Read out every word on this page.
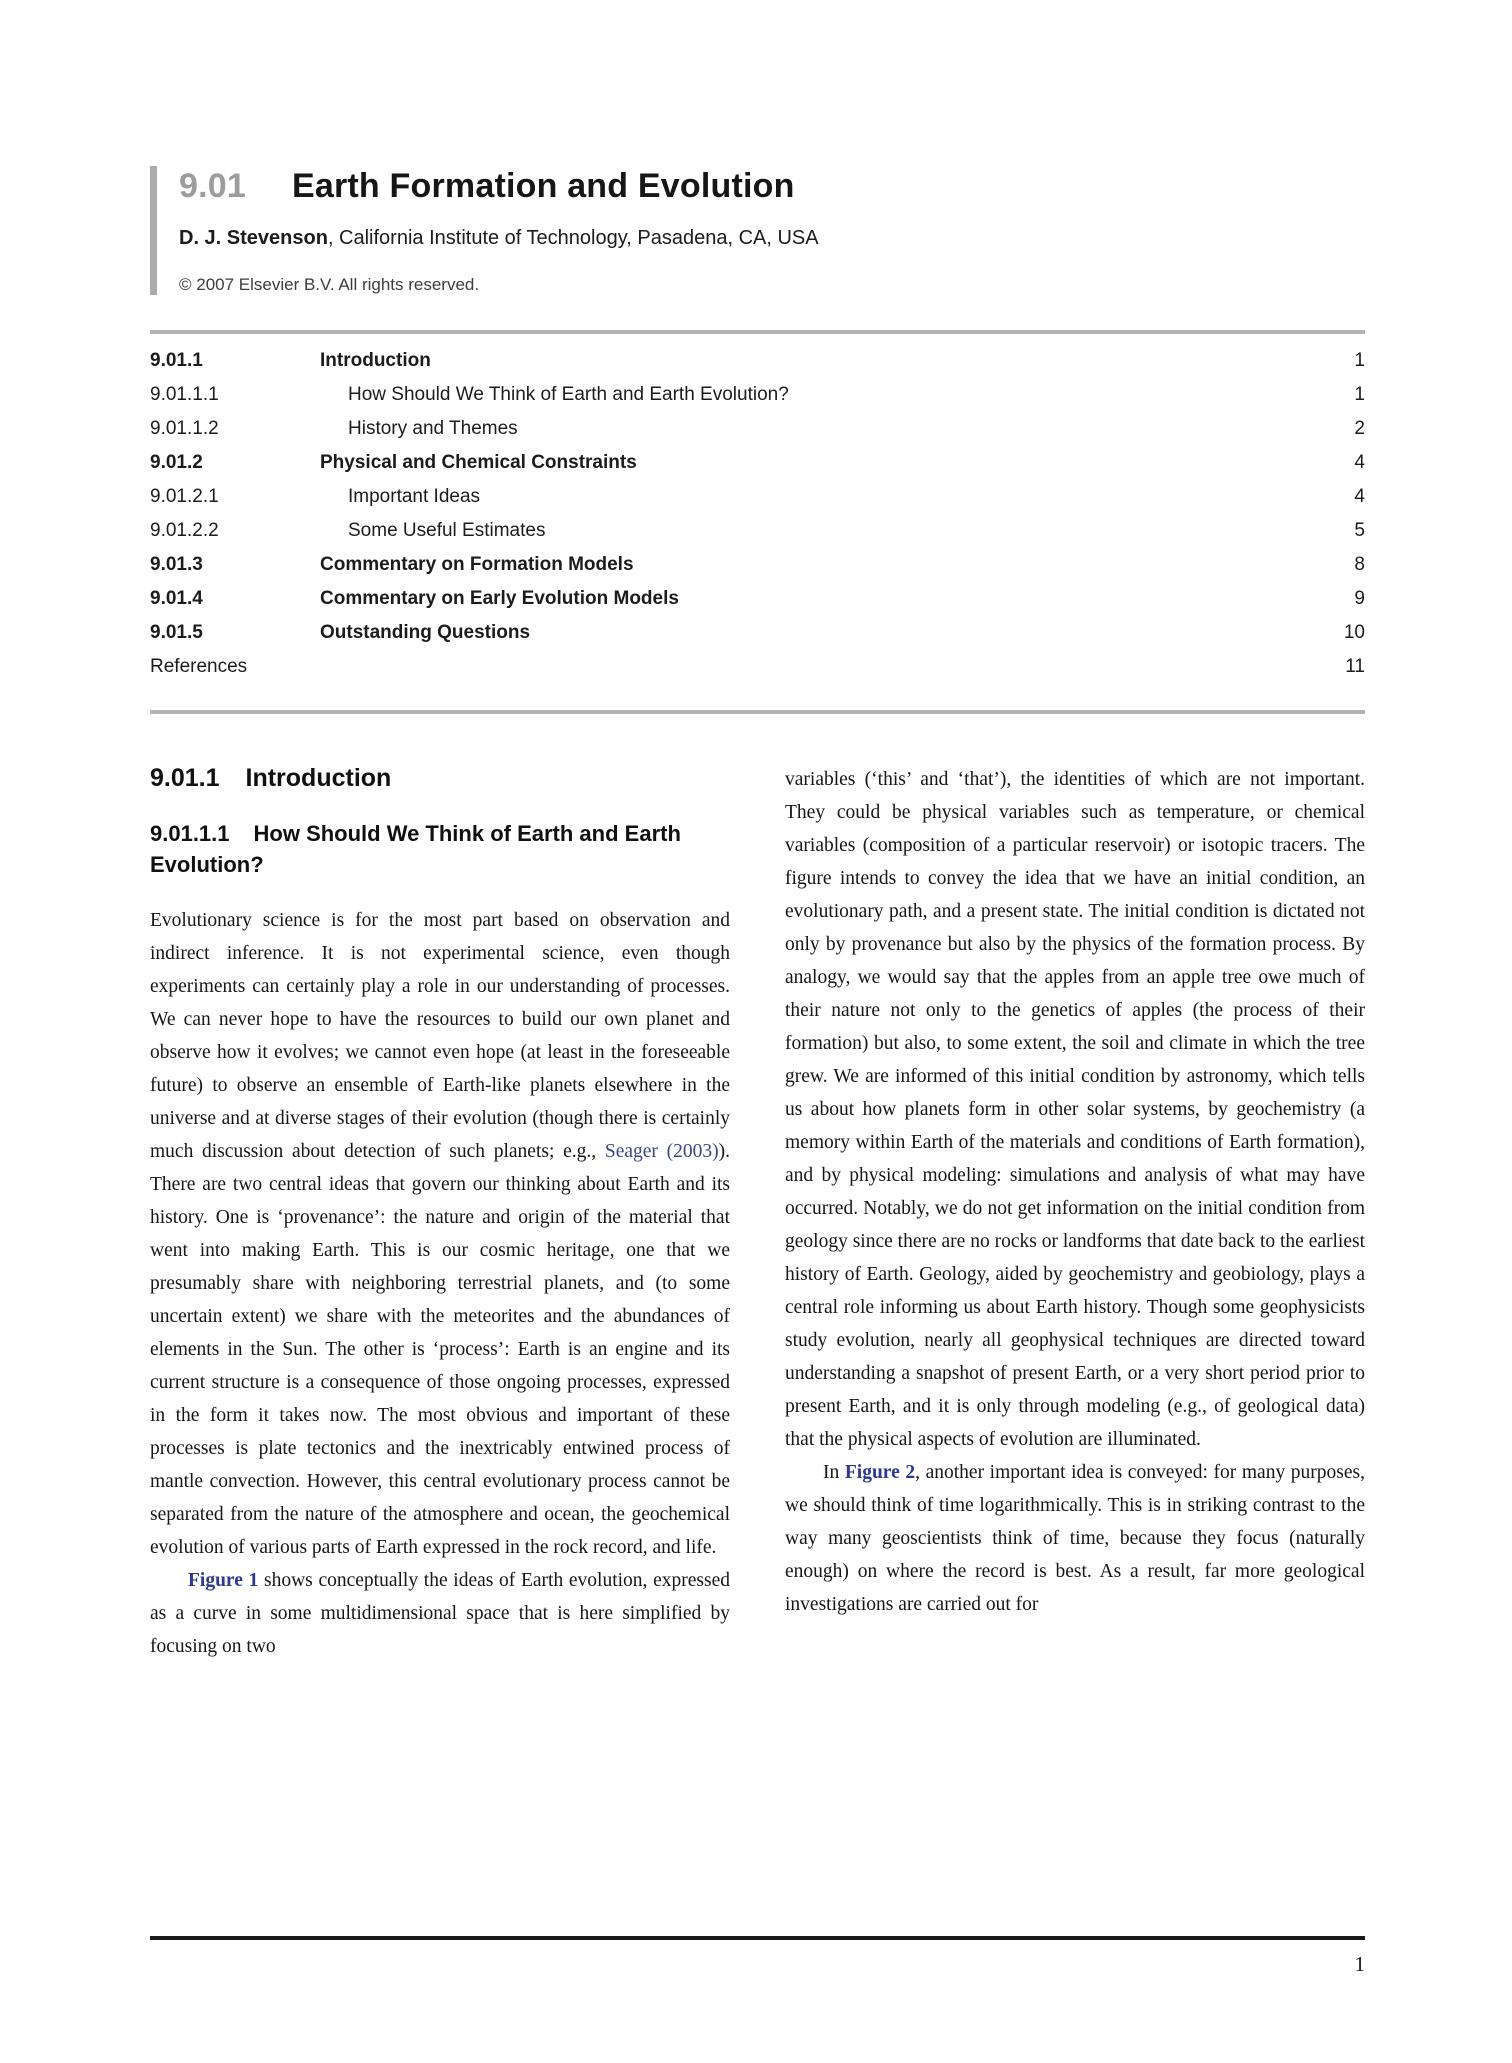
9.01 Earth Formation and Evolution
D. J. Stevenson, California Institute of Technology, Pasadena, CA, USA
© 2007 Elsevier B.V. All rights reserved.
9.01.1	Introduction	1
9.01.1.1	How Should We Think of Earth and Earth Evolution?	1
9.01.1.2	History and Themes	2
9.01.2	Physical and Chemical Constraints	4
9.01.2.1	Important Ideas	4
9.01.2.2	Some Useful Estimates	5
9.01.3	Commentary on Formation Models	8
9.01.4	Commentary on Early Evolution Models	9
9.01.5	Outstanding Questions	10
References	11
9.01.1 Introduction
9.01.1.1 How Should We Think of Earth and Earth Evolution?

Evolutionary science is for the most part based on observation and indirect inference. It is not experimental science, even though experiments can certainly play a role in our understanding of processes. We can never hope to have the resources to build our own planet and observe how it evolves; we cannot even hope (at least in the foreseeable future) to observe an ensemble of Earth-like planets elsewhere in the universe and at diverse stages of their evolution (though there is certainly much discussion about detection of such planets; e.g., Seager (2003)). There are two central ideas that govern our thinking about Earth and its history. One is ‘provenance’: the nature and origin of the material that went into making Earth. This is our cosmic heritage, one that we presumably share with neighboring terrestrial planets, and (to some uncertain extent) we share with the meteorites and the abundances of elements in the Sun. The other is ‘process’: Earth is an engine and its current structure is a consequence of those ongoing processes, expressed in the form it takes now. The most obvious and important of these processes is plate tectonics and the inextricably entwined process of mantle convection. However, this central evolutionary process cannot be separated from the nature of the atmosphere and ocean, the geochemical evolution of various parts of Earth expressed in the rock record, and life.

Figure 1 shows conceptually the ideas of Earth evolution, expressed as a curve in some multidimensional space that is here simplified by focusing on two

variables (‘this’ and ‘that’), the identities of which are not important. They could be physical variables such as temperature, or chemical variables (composition of a particular reservoir) or isotopic tracers. The figure intends to convey the idea that we have an initial condition, an evolutionary path, and a present state. The initial condition is dictated not only by provenance but also by the physics of the formation process. By analogy, we would say that the apples from an apple tree owe much of their nature not only to the genetics of apples (the process of their formation) but also, to some extent, the soil and climate in which the tree grew. We are informed of this initial condition by astronomy, which tells us about how planets form in other solar systems, by geochemistry (a memory within Earth of the materials and conditions of Earth formation), and by physical modeling: simulations and analysis of what may have occurred. Notably, we do not get information on the initial condition from geology since there are no rocks or landforms that date back to the earliest history of Earth. Geology, aided by geochemistry and geobiology, plays a central role informing us about Earth history. Though some geophysicists study evolution, nearly all geophysical techniques are directed toward understanding a snapshot of present Earth, or a very short period prior to present Earth, and it is only through modeling (e.g., of geological data) that the physical aspects of evolution are illuminated.

In Figure 2, another important idea is conveyed: for many purposes, we should think of time logarithmically. This is in striking contrast to the way many geoscientists think of time, because they focus (naturally enough) on where the record is best. As a result, far more geological investigations are carried out for

1
